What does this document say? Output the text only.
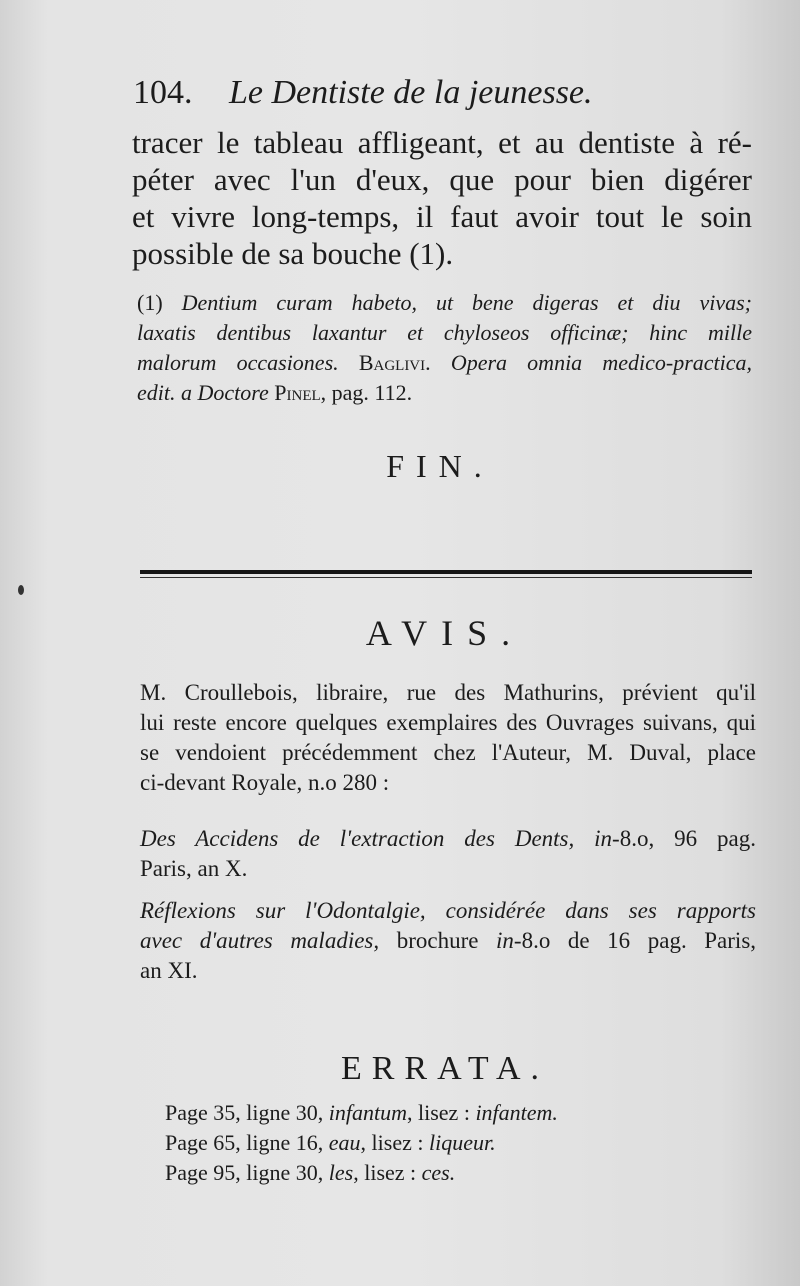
104. Le Dentiste de la jeunesse.
tracer le tableau affligeant, et au dentiste à ré-
péter avec l'un d'eux, que pour bien digérer
et vivre long-temps, il faut avoir tout le soin
possible de sa bouche (1).
(1) Dentium curam habeto, ut bene digeras et diu vivas;
laxatis dentibus laxantur et chyloseos officinæ; hinc mille
malorum occasiones. Baglivi. Opera omnia medico-practica,
edit. a Doctore Pinel, pag. 112.
FIN.
AVIS.
M. Croullebois, libraire, rue des Mathurins, prévient qu'il
lui reste encore quelques exemplaires des Ouvrages suivans, qui
se vendoient précédemment chez l'Auteur, M. Duval, place
ci-devant Royale, n.o 280 :
Des Accidens de l'extraction des Dents, in-8.o, 96 pag.
Paris, an X.
Réflexions sur l'Odontalgie, considérée dans ses rapports
avec d'autres maladies, brochure in-8.o de 16 pag. Paris,
an XI.
ERRATA.
Page 35, ligne 30, infantum, lisez : infantem.
Page 65, ligne 16, eau, lisez : liqueur.
Page 95, ligne 30, les, lisez : ces.
